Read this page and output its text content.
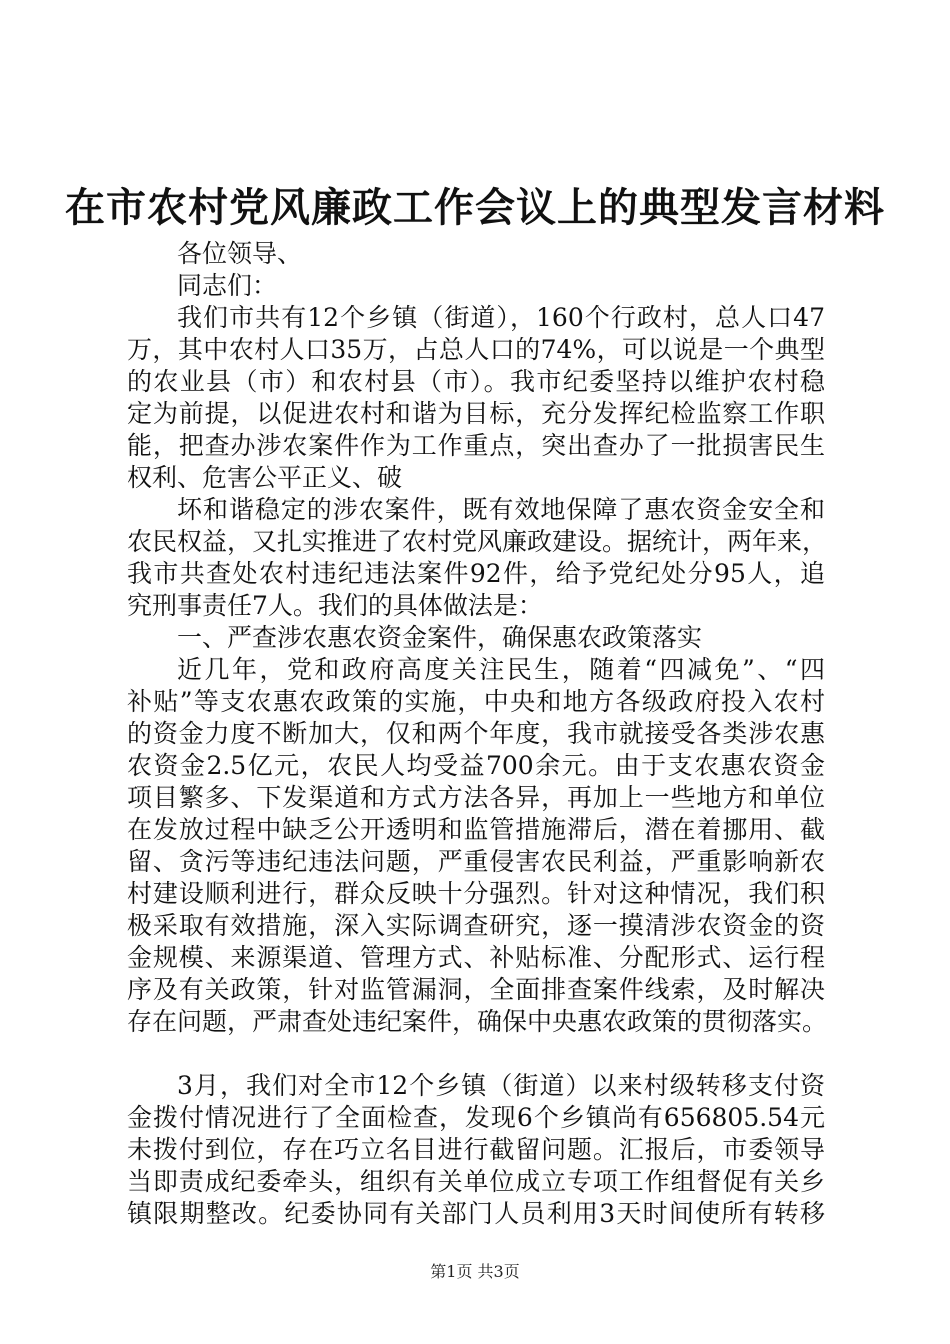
在市农村党风廉政工作会议上的典型发言材料
各位领导、
同志们：
我们市共有12个乡镇（街道），160个行政村，总人口47
万，其中农村人口35万，占总人口的74%，可以说是一个典型
的农业县（市）和农村县（市）。我市纪委坚持以维护农村稳
定为前提，以促进农村和谐为目标，充分发挥纪检监察工作职
能，把查办涉农案件作为工作重点，突出查办了一批损害民生
权利、危害公平正义、破
坏和谐稳定的涉农案件，既有效地保障了惠农资金安全和
农民权益，又扎实推进了农村党风廉政建设。据统计，两年来，
我市共查处农村违纪违法案件92件，给予党纪处分95人，追
究刑事责任7人。我们的具体做法是：
一、严查涉农惠农资金案件，确保惠农政策落实
近几年，党和政府高度关注民生，随着“四减免”、“四
补贴”等支农惠农政策的实施，中央和地方各级政府投入农村
的资金力度不断加大，仅和两个年度，我市就接受各类涉农惠
农资金2.5亿元，农民人均受益700余元。由于支农惠农资金
项目繁多、下发渠道和方式方法各异，再加上一些地方和单位
在发放过程中缺乏公开透明和监管措施滞后，潜在着挪用、截
留、贪污等违纪违法问题，严重侵害农民利益，严重影响新农
村建设顺利进行，群众反映十分强烈。针对这种情况，我们积
极采取有效措施，深入实际调查研究，逐一摸清涉农资金的资
金规模、来源渠道、管理方式、补贴标准、分配形式、运行程
序及有关政策，针对监管漏洞，全面排查案件线索，及时解决
存在问题，严肃查处违纪案件，确保中央惠农政策的贯彻落实。
3月，我们对全市12个乡镇（街道）以来村级转移支付资
金拨付情况进行了全面检查，发现6个乡镇尚有656805.54元
未拨付到位，存在巧立名目进行截留问题。汇报后，市委领导
当即责成纪委牵头，组织有关单位成立专项工作组督促有关乡
镇限期整改。纪委协同有关部门人员利用3天时间使所有转移
第1页 共3页
